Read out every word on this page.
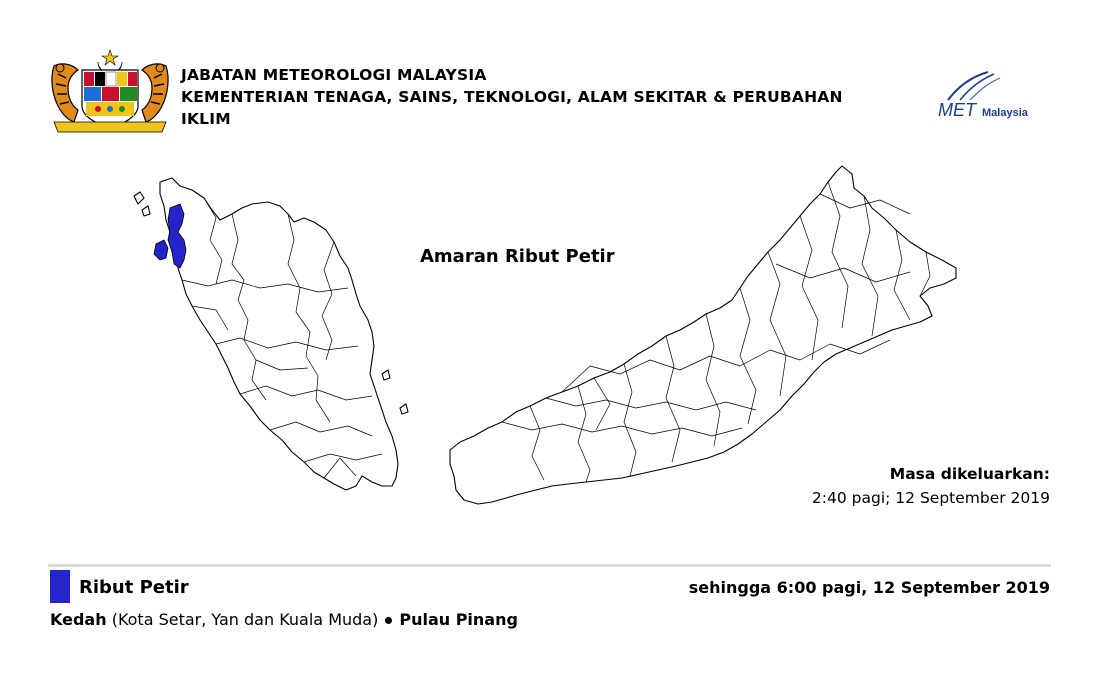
JABATAN METEOROLOGI MALAYSIA
KEMENTERIAN TENAGA, SAINS, TEKNOLOGI, ALAM SEKITAR & PERUBAHAN
IKLIM	MET Malaysia
Amaran Ribut Petir
Masa dikeluarkan:
2:40 pagi; 12 September 2019
Ribut Petir	sehingga 6:00 pagi, 12 September 2019
Kedah (Kota Setar, Yan dan Kuala Muda) Pulau Pinang
